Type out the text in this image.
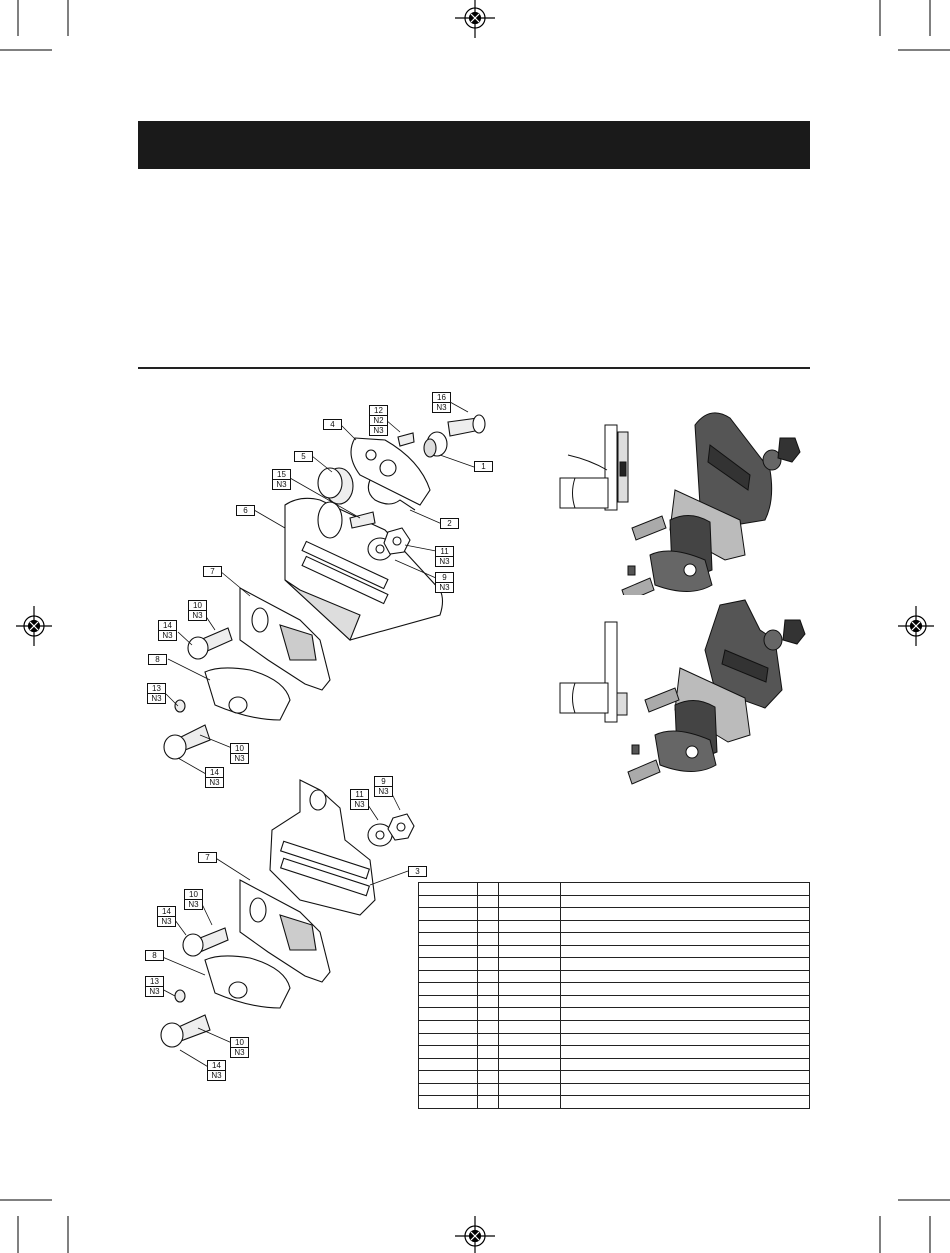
16
N3
12
N2
N3
4
1
5
15
N3
2
6
11
N3
9
N3
7
10
N3
14
N3
8
13
N3
10
N3
14
N3
11
N3
9
N3
3
7
10
N3
14
N3
8
13
N3
10
N3
14
N3
